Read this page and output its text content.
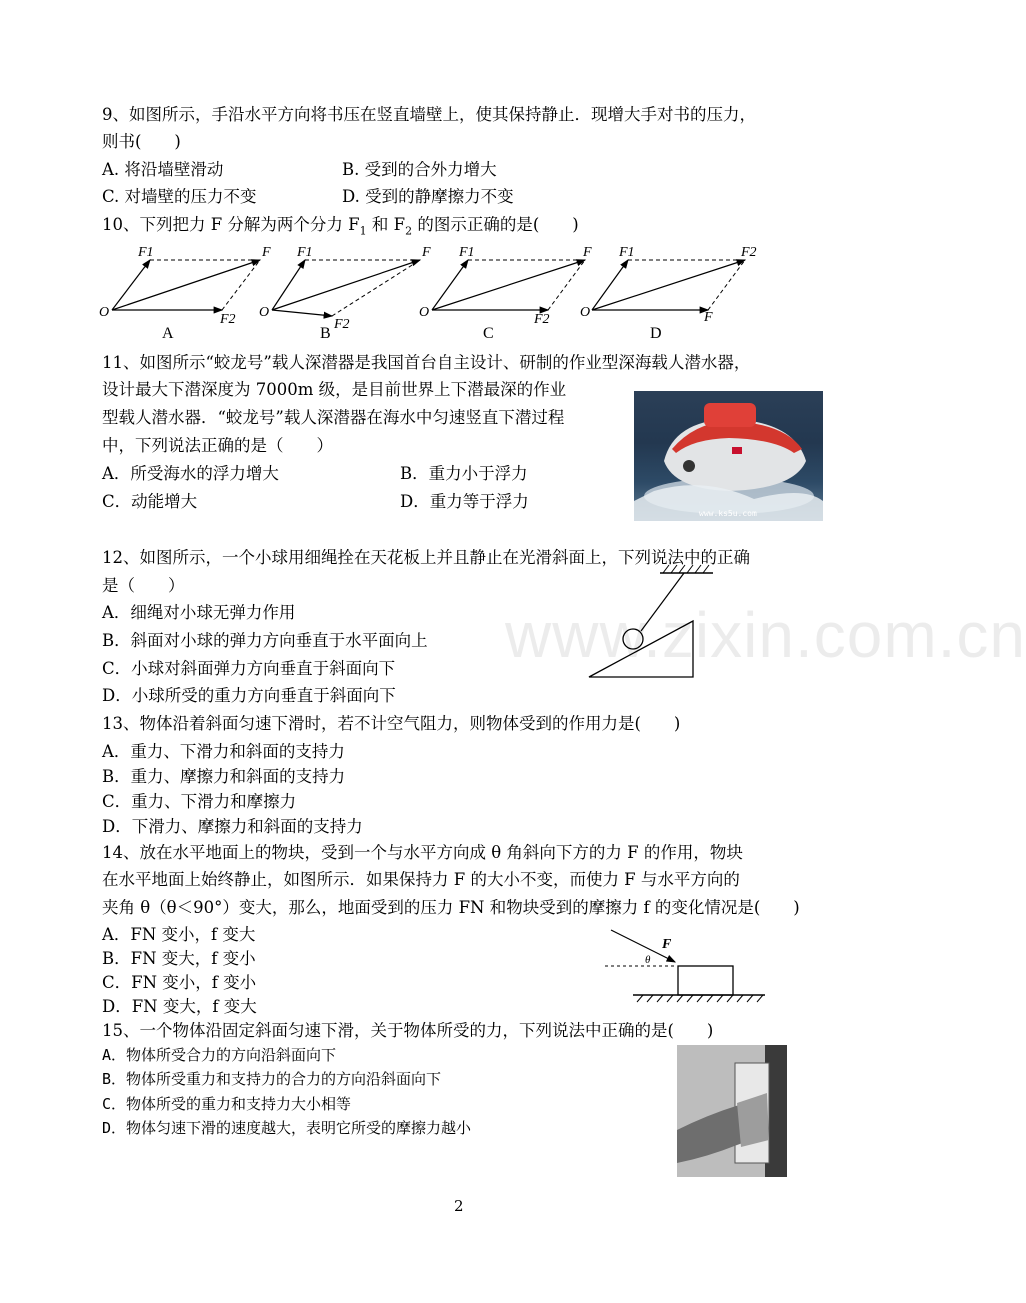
9、如图所示，手沿水平方向将书压在竖直墙壁上，使其保持静止．现增大手对书的压力，
则书(　　)
A. 将沿墙壁滑动	B. 受到的合外力增大
C. 对墙壁的压力不变	D. 受到的静摩擦力不变
10、下列把力 F 分解为两个分力 $F_1$ 和 $F_2$ 的图示正确的是(　　)
F1	F
F2
O
A
F1	F
F2
O
B
F1	F
F2
O
C
F1	F2
F
O
D
11、如图所示“蛟龙号”载人深潜器是我国首台自主设计、研制的作业型深海载人潜水器，
设计最大下潜深度为 7000m 级，是目前世界上下潜最深的作业
型载人潜水器．“蛟龙号”载人深潜器在海水中匀速竖直下潜过程
中，下列说法正确的是（　　）
A．所受海水的浮力增大	B．重力小于浮力
C．动能增大	D．重力等于浮力
www.ks5u.com
12、如图所示，一个小球用细绳拴在天花板上并且静止在光滑斜面上，下列说法中的正确
是（　　）
A．细绳对小球无弹力作用
B．斜面对小球的弹力方向垂直于水平面向上
C．小球对斜面弹力方向垂直于斜面向下
D．小球所受的重力方向垂直于斜面向下
www.zixin.com.cn
13、物体沿着斜面匀速下滑时，若不计空气阻力，则物体受到的作用力是(　　)
A．重力、下滑力和斜面的支持力
B．重力、摩擦力和斜面的支持力
C．重力、下滑力和摩擦力
D．下滑力、摩擦力和斜面的支持力
14、放在水平地面上的物块，受到一个与水平方向成 θ 角斜向下方的力 F 的作用，物块
在水平地面上始终静止，如图所示．如果保持力 F 的大小不变，而使力 F 与水平方向的
夹角 θ（θ＜90°）变大，那么，地面受到的压力 FN 和物块受到的摩擦力 f 的变化情况是(　　)
A．FN 变小，f 变大
B．FN 变大，f 变小
C．FN 变小，f 变小
D．FN 变大，f 变大
F
θ
15、一个物体沿固定斜面匀速下滑，关于物体所受的力，下列说法中正确的是(　　)
A．物体所受合力的方向沿斜面向下
B．物体所受重力和支持力的合力的方向沿斜面向下
C．物体所受的重力和支持力大小相等
D．物体匀速下滑的速度越大，表明它所受的摩擦力越小
2
